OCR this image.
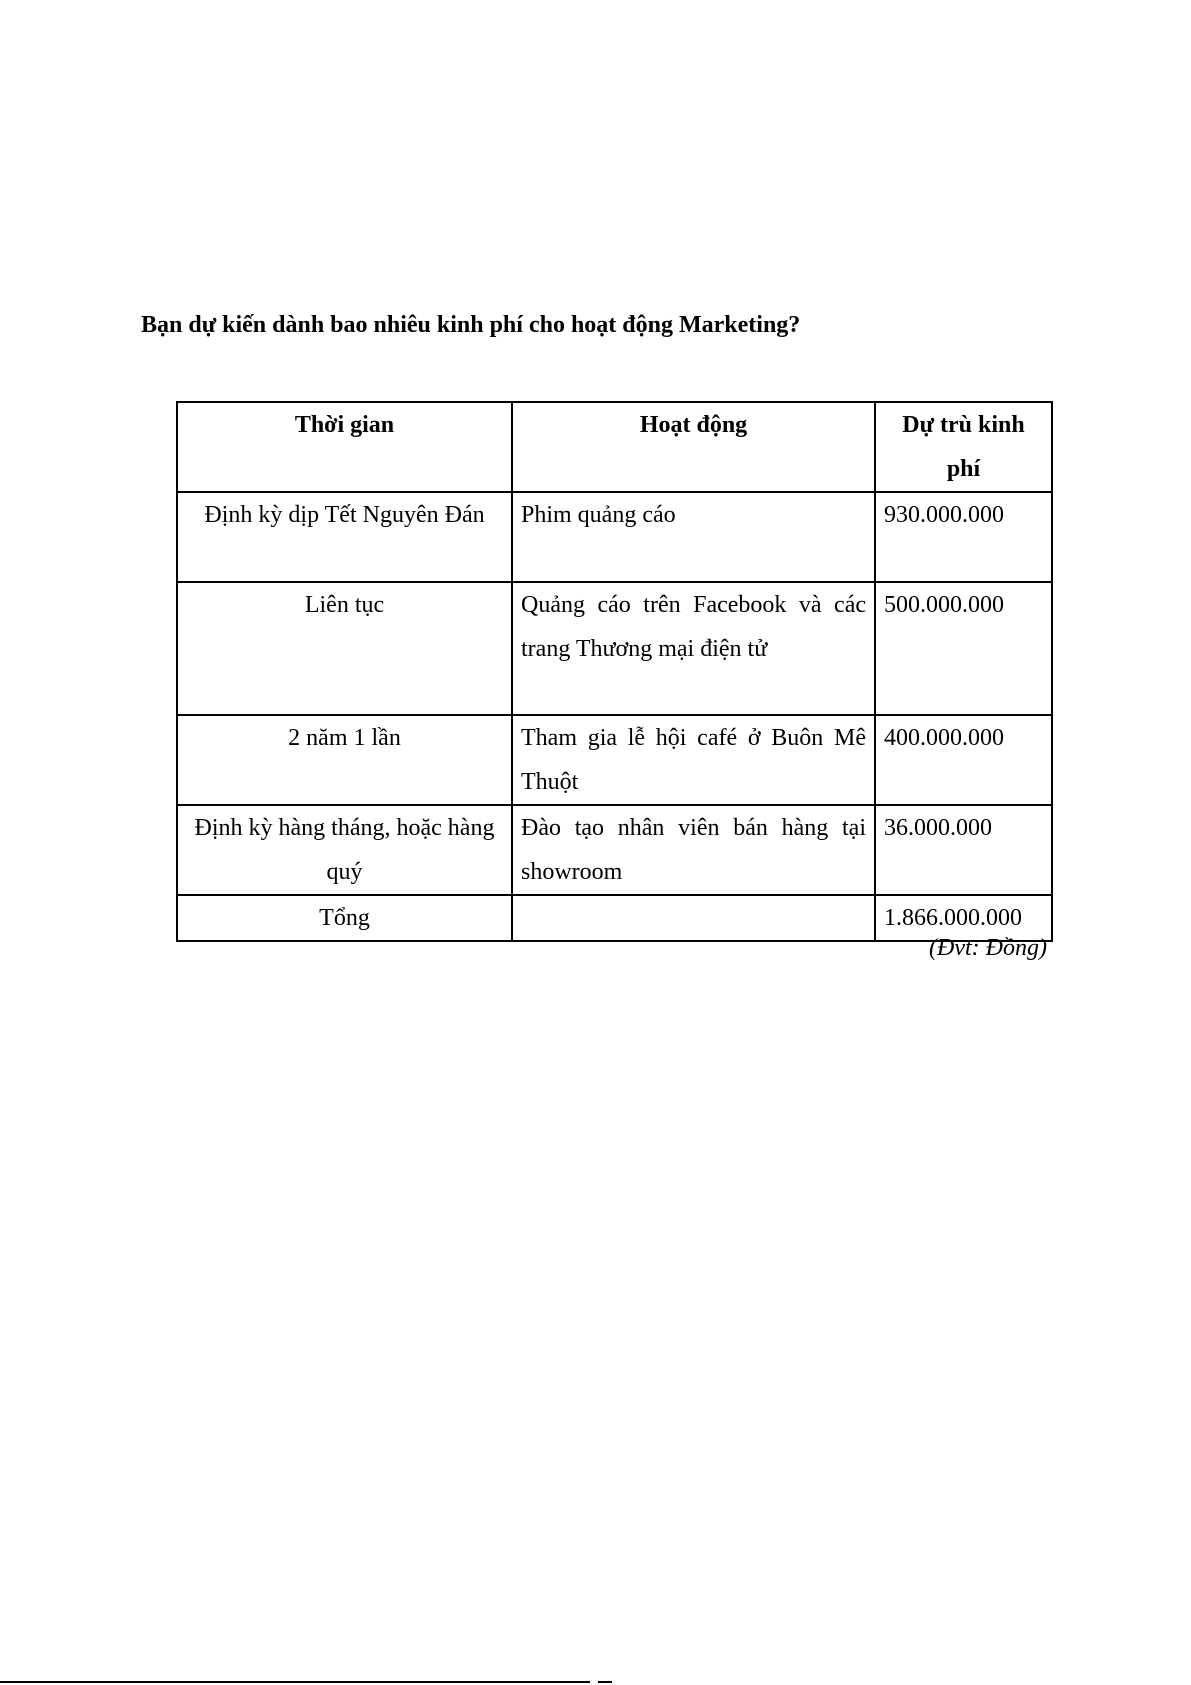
Bạn dự kiến dành bao nhiêu kinh phí cho hoạt động Marketing?
Thời gian	Hoạt động	Dự trù kinh phí
Định kỳ dịp Tết Nguyên Đán	Phim quảng cáo	930.000.000
Liên tục	Quảng cáo trên Facebook và các trang Thương mại điện tử	500.000.000
2 năm 1 lần	Tham gia lễ hội café ở Buôn Mê Thuột	400.000.000
Định kỳ hàng tháng, hoặc hàng quý	Đào tạo nhân viên bán hàng tại showroom	36.000.000
Tổng		1.866.000.000
(Đvt: Đồng)
